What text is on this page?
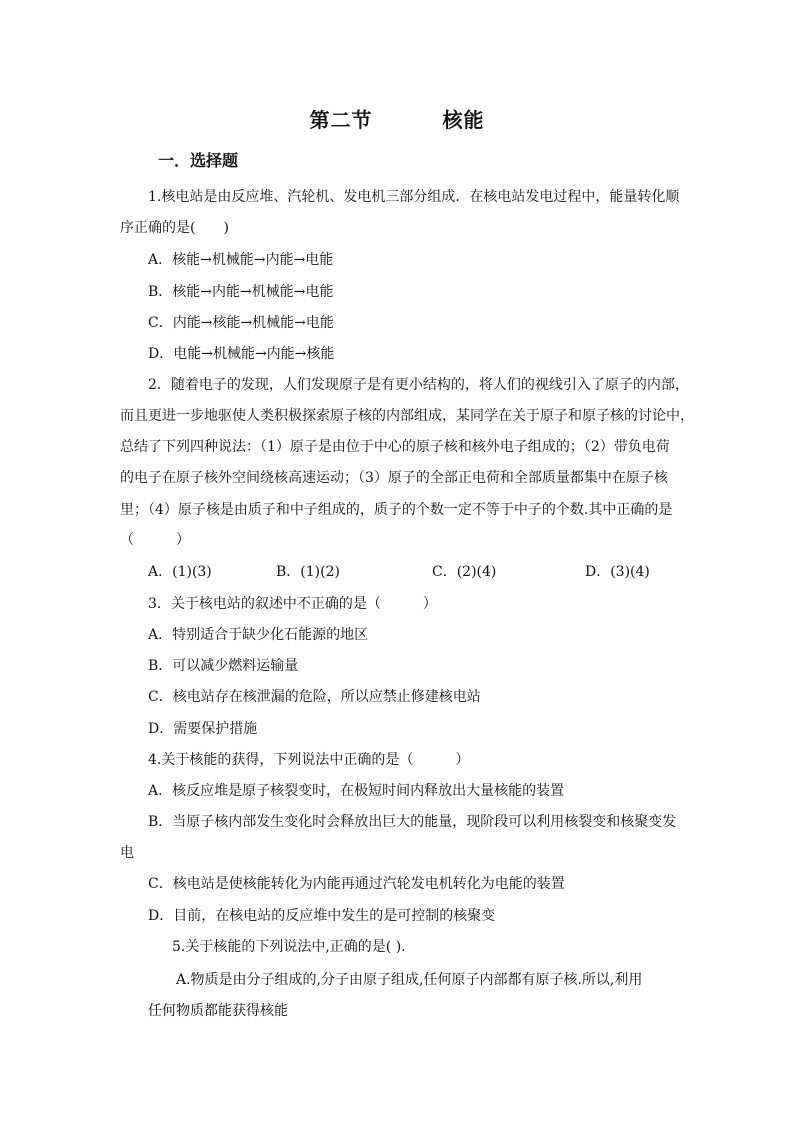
第二节	核能
一．选择题
1.核电站是由反应堆、汽轮机、发电机三部分组成．在核电站发电过程中，能量转化顺
序正确的是(　　)
A．核能→机械能→内能→电能
B．核能→内能→机械能→电能
C．内能→核能→机械能→电能
D．电能→机械能→内能→核能
2．随着电子的发现，人们发现原子是有更小结构的，将人们的视线引入了原子的内部，
而且更进一步地驱使人类积极探索原子核的内部组成，某同学在关于原子和原子核的讨论中，
总结了下列四种说法：（1）原子是由位于中心的原子核和核外电子组成的；（2）带负电荷
的电子在原子核外空间绕核高速运动；（3）原子的全部正电荷和全部质量都集中在原子核
里；（4）原子核是由质子和中子组成的，质子的个数一定不等于中子的个数.其中正确的是
（　　　）
A．(1)(3)	B．(1)(2)	C．(2)(4)	D．(3)(4)
3．关于核电站的叙述中不正确的是（　　　）
A．特别适合于缺少化石能源的地区
B．可以减少燃料运输量
C．核电站存在核泄漏的危险，所以应禁止修建核电站
D．需要保护措施
4.关于核能的获得，下列说法中正确的是（　　　）
A．核反应堆是原子核裂变时，在极短时间内释放出大量核能的装置
B．当原子核内部发生变化时会释放出巨大的能量，现阶段可以利用核裂变和核聚变发
电
C．核电站是使核能转化为内能再通过汽轮发电机转化为电能的装置
D．目前，在核电站的反应堆中发生的是可控制的核聚变
5.关于核能的下列说法中,正确的是( ).
A.物质是由分子组成的,分子由原子组成,任何原子内部都有原子核.所以,利用
任何物质都能获得核能
